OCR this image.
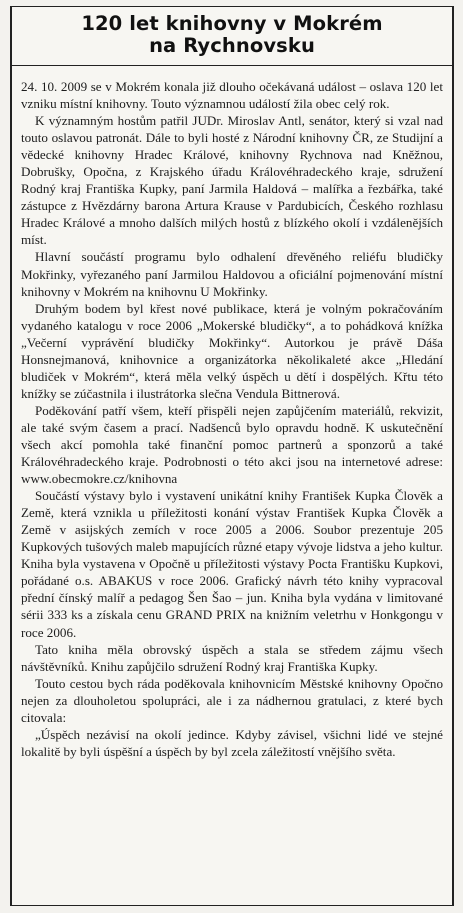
120 let knihovny v Mokrém
na Rychnovsku

24. 10. 2009 se v Mokrém konala již dlouho očekávaná událost – oslava 120 let vzniku místní knihovny. Touto významnou událostí žila obec celý rok.

K významným hostům patřil JUDr. Miroslav Antl, senátor, který si vzal nad touto oslavou patronát. Dále to byli hosté z Národní knihovny ČR, ze Studijní a vědecké knihovny Hradec Králové, knihovny Rychnova nad Kněžnou, Dobrušky, Opočna, z Krajského úřadu Královéhradeckého kraje, sdružení Rodný kraj Františka Kupky, paní Jarmila Haldová – malířka a řezbářka, také zástupce z Hvězdárny barona Artura Krause v Pardubicích, Českého rozhlasu Hradec Králové a mnoho dalších milých hostů z blízkého okolí i vzdálenějších míst.

Hlavní součástí programu bylo odhalení dřevěného reliéfu bludičky Mokřinky, vyřezaného paní Jarmilou Haldovou a oficiální pojmenování místní knihovny v Mokrém na knihovnu U Mokřinky.

Druhým bodem byl křest nové publikace, která je volným pokračováním vydaného katalogu v roce 2006 „Mokerské bludičky“, a to pohádková knížka „Večerní vyprávění bludičky Mokřinky“. Autorkou je právě Dáša Honsnejmanová, knihovnice a organizátorka několikaleté akce „Hledání bludiček v Mokrém“, která měla velký úspěch u dětí i dospělých. Křtu této knížky se zúčastnila i ilustrátorka slečna Vendula Bittnerová.

Poděkování patří všem, kteří přispěli nejen zapůjčením materiálů, rekvizit, ale také svým časem a prací. Nadšenců bylo opravdu hodně. K uskutečnění všech akcí pomohla také finanční pomoc partnerů a sponzorů a také Královéhradeckého kraje. Podrobnosti o této akci jsou na internetové adrese: www.obecmokre.cz/knihovna

Součástí výstavy bylo i vystavení unikátní knihy František Kupka Člověk a Země, která vznikla u příležitosti konání výstav František Kupka Člověk a Země v asijských zemích v roce 2005 a 2006. Soubor prezentuje 205 Kupkových tušových maleb mapujících různé etapy vývoje lidstva a jeho kultur. Kniha byla vystavena v Opočně u příležitosti výstavy Pocta Františku Kupkovi, pořádané o.s. ABAKUS v roce 2006. Grafický návrh této knihy vypracoval přední čínský malíř a pedagog Šen Šao – jun. Kniha byla vydána v limitované sérii 333 ks a získala cenu GRAND PRIX na knižním veletrhu v Honkgongu v roce 2006.

Tato kniha měla obrovský úspěch a stala se středem zájmu všech návštěvníků. Knihu zapůjčilo sdružení Rodný kraj Františka Kupky.

Touto cestou bych ráda poděkovala knihovnicím Městské knihovny Opočno nejen za dlouholetou spolupráci, ale i za nádhernou gratulaci, z které bych citovala:

„Úspěch nezávisí na okolí jedince. Kdyby závisel, všichni lidé ve stejné lokalitě by byli úspěšní a úspěch by byl zcela záležitostí vnějšího světa.
